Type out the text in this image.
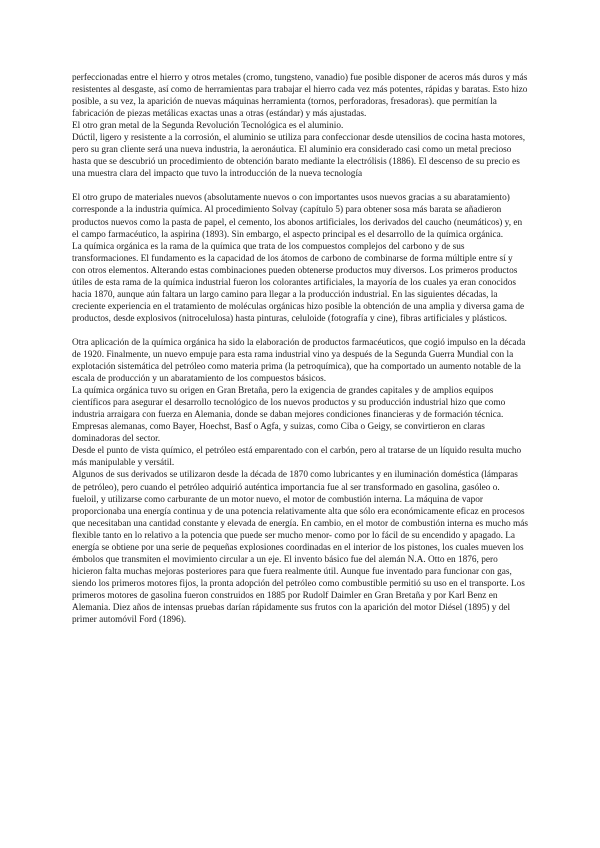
perfeccionadas entre el hierro y otros metales (cromo, tungsteno, vanadio) fue posible disponer de aceros más duros y más resistentes al desgaste, así como de herramientas para trabajar el hierro cada vez más potentes, rápidas y baratas. Esto hizo posible, a su vez, la aparición de nuevas máquinas herramienta (tornos, perforadoras, fresadoras). que permitían la fabricación de piezas metálicas exactas unas a otras (estándar) y más ajustadas.

El otro gran metal de la Segunda Revolución Tecnológica es el aluminio.

Dúctil, ligero y resistente a la corrosión, el aluminio se utiliza para confeccionar desde utensilios de cocina hasta motores, pero su gran cliente será una nueva industria, la aeronáutica. El aluminio era considerado casi como un metal precioso hasta que se descubrió un procedimiento de obtención barato mediante la electrólisis (1886). El descenso de su precio es una muestra clara del impacto que tuvo la introducción de la nueva tecnología

El otro grupo de materiales nuevos (absolutamente nuevos o con importantes usos nuevos gracias a su abaratamiento) corresponde a la industria química. Al procedimiento Solvay (capítulo 5) para obtener sosa más barata se añadieron productos nuevos como la pasta de papel, el cemento, los abonos artificiales, los derivados del caucho (neumáticos) y, en el campo farmacéutico, la aspirina (1893). Sin embargo, el aspecto principal es el desarrollo de la química orgánica.

La química orgánica es la rama de la química que trata de los compuestos complejos del carbono y de sus transformaciones. El fundamento es la capacidad de los átomos de carbono de combinarse de forma múltiple entre sí y con otros elementos. Alterando estas combinaciones pueden obtenerse productos muy diversos. Los primeros productos útiles de esta rama de la química industrial fueron los colorantes artificiales, la mayoría de los cuales ya eran conocidos hacia 1870, aunque aún faltara un largo camino para llegar a la producción industrial. En las siguientes décadas, la creciente experiencia en el tratamiento de moléculas orgánicas hizo posible la obtención de una amplia y diversa gama de productos, desde explosivos (nitrocelulosa) hasta pinturas, celuloide (fotografía y cine), fibras artificiales y plásticos.

Otra aplicación de la química orgánica ha sido la elaboración de productos farmacéuticos, que cogió impulso en la década de 1920. Finalmente, un nuevo empuje para esta rama industrial vino ya después de la Segunda Guerra Mundial con la explotación sistemática del petróleo como materia prima (la petroquímica), que ha comportado un aumento notable de la escala de producción y un abaratamiento de los compuestos básicos.

La química orgánica tuvo su origen en Gran Bretaña, pero la exigencia de grandes capitales y de amplios equipos científicos para asegurar el desarrollo tecnológico de los nuevos productos y su producción industrial hizo que como industria arraigara con fuerza en Alemania, donde se daban mejores condiciones financieras y de formación técnica. Empresas alemanas, como Bayer, Hoechst, Basf o Agfa, y suizas, como Ciba o Geigy, se convirtieron en claras dominadoras del sector.

Desde el punto de vista químico, el petróleo está emparentado con el carbón, pero al tratarse de un líquido resulta mucho más manipulable y versátil.

Algunos de sus derivados se utilizaron desde la década de 1870 como lubricantes y en iluminación doméstica (lámparas de petróleo), pero cuando el petróleo adquirió auténtica importancia fue al ser transformado en gasolina, gasóleo o. fueloil, y utilizarse como carburante de un motor nuevo, el motor de combustión interna. La máquina de vapor proporcionaba una energía continua y de una potencia relativamente alta que sólo era económicamente eficaz en procesos que necesitaban una cantidad constante y elevada de energía. En cambio, en el motor de combustión interna es mucho más flexible tanto en lo relativo a la potencia que puede ser mucho menor- como por lo fácil de su encendido y apagado. La energía se obtiene por una serie de pequeñas explosiones coordinadas en el interior de los pistones, los cuales mueven los émbolos que transmiten el movimiento circular a un eje. El invento básico fue del alemán N.A. Otto en 1876, pero hicieron falta muchas mejoras posteriores para que fuera realmente útil. Aunque fue inventado para funcionar con gas, siendo los primeros motores fijos, la pronta adopción del petróleo como combustible permitió su uso en el transporte. Los primeros motores de gasolina fueron construidos en 1885 por Rudolf Daimler en Gran Bretaña y por Karl Benz en Alemania. Diez años de intensas pruebas darían rápidamente sus frutos con la aparición del motor Diésel (1895) y del primer automóvil Ford (1896).
